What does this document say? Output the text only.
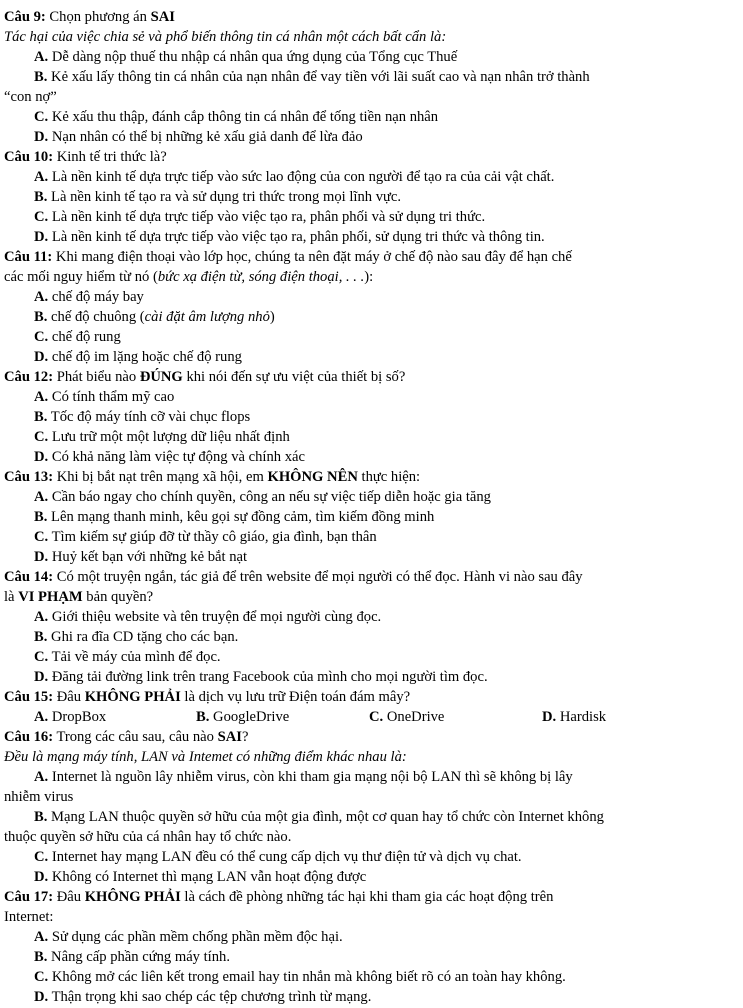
Câu 9: Chọn phương án SAI
Tác hại của việc chia sẻ và phổ biến thông tin cá nhân một cách bất cẩn là:
A. Dễ dàng nộp thuế thu nhập cá nhân qua ứng dụng của Tổng cục Thuế
B. Kẻ xấu lấy thông tin cá nhân của nạn nhân để vay tiền với lãi suất cao và nạn nhân trở thành
“con nợ”
C. Kẻ xấu thu thập, đánh cắp thông tin cá nhân để tống tiền nạn nhân
D. Nạn nhân có thể bị những kẻ xấu giả danh để lừa đảo
Câu 10: Kinh tế tri thức là?
A. Là nền kinh tế dựa trực tiếp vào sức lao động của con người để tạo ra của cải vật chất.
B. Là nền kinh tế tạo ra và sử dụng tri thức trong mọi lĩnh vực.
C. Là nền kinh tế dựa trực tiếp vào việc tạo ra, phân phối và sử dụng tri thức.
D. Là nền kinh tế dựa trực tiếp vào việc tạo ra, phân phối, sử dụng tri thức và thông tin.
Câu 11: Khi mang điện thoại vào lớp học, chúng ta nên đặt máy ở chế độ nào sau đây để hạn chế
các mối nguy hiểm từ nó (bức xạ điện từ, sóng điện thoại, . . .):
A. chế độ máy bay
B. chế độ chuông (cài đặt âm lượng nhỏ)
C. chế độ rung
D. chế độ im lặng hoặc chế độ rung
Câu 12: Phát biểu nào ĐÚNG khi nói đến sự ưu việt của thiết bị số?
A. Có tính thẩm mỹ cao
B. Tốc độ máy tính cỡ vài chục flops
C. Lưu trữ một một lượng dữ liệu nhất định
D. Có khả năng làm việc tự động và chính xác
Câu 13: Khi bị bắt nạt trên mạng xã hội, em KHÔNG NÊN thực hiện:
A. Cần báo ngay cho chính quyền, công an nếu sự việc tiếp diễn hoặc gia tăng
B. Lên mạng thanh minh, kêu gọi sự đồng cảm, tìm kiếm đồng minh
C. Tìm kiếm sự giúp đỡ từ thầy cô giáo, gia đình, bạn thân
D. Huỷ kết bạn với những kẻ bắt nạt
Câu 14: Có một truyện ngắn, tác giả để trên website để mọi người có thể đọc. Hành vi nào sau đây
là VI PHẠM bản quyền?
A. Giới thiệu website và tên truyện để mọi người cùng đọc.
B. Ghi ra đĩa CD tặng cho các bạn.
C. Tải về máy của mình để đọc.
D. Đăng tải đường link trên trang Facebook của mình cho mọi người tìm đọc.
Câu 15: Đâu KHÔNG PHẢI là dịch vụ lưu trữ Điện toán đám mây?
A. DropBox	B. GoogleDrive	C. OneDrive	D. Hardisk
Câu 16: Trong các câu sau, câu nào SAI?
Đều là mạng máy tính, LAN và Intemet có những điểm khác nhau là:
A. Internet là nguồn lây nhiễm virus, còn khi tham gia mạng nội bộ LAN thì sẽ không bị lây
nhiễm virus
B. Mạng LAN thuộc quyền sở hữu của một gia đình, một cơ quan hay tổ chức còn Internet không
thuộc quyền sở hữu của cá nhân hay tổ chức nào.
C. Internet hay mạng LAN đều có thể cung cấp dịch vụ thư điện tử và dịch vụ chat.
D. Không có Internet thì mạng LAN vẫn hoạt động được
Câu 17: Đâu KHÔNG PHẢI là cách đề phòng những tác hại khi tham gia các hoạt động trên
Internet:
A. Sử dụng các phần mềm chống phần mềm độc hại.
B. Nâng cấp phần cứng máy tính.
C. Không mở các liên kết trong email hay tin nhắn mà không biết rõ có an toàn hay không.
D. Thận trọng khi sao chép các tệp chương trình từ mạng.
